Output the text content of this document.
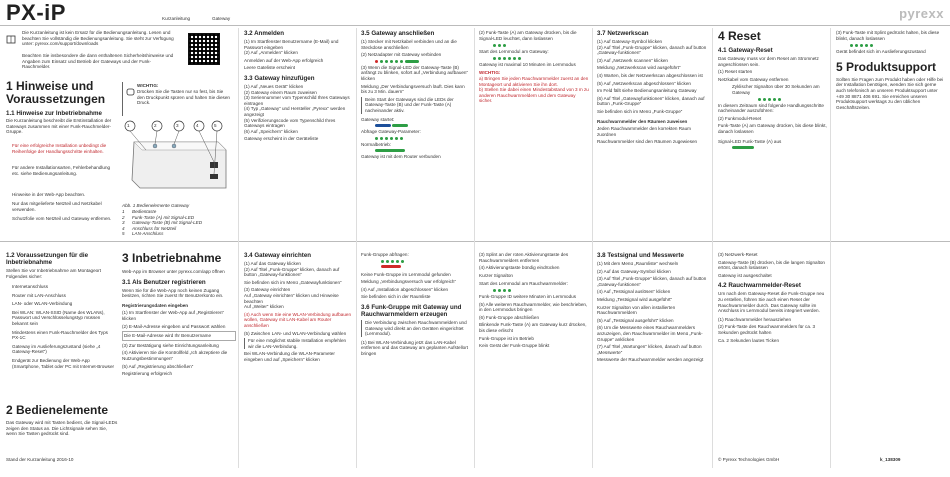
PX-iP	Kurzanleitung	Gateway	pyrexx
Die Kurzanleitung ist kein Ersatz für die Bedienungsanleitung. Lesen und beachten Sie vollständig die Bedienungsanleitung. Sie steht zur Verfügung unter: pyrexx.com/support/downloads
Beachten Sie insbesondere die dann enthaltenen Sicherheitshinweise und Angaben zum Einsatz und Betrieb der Gateways und der Funk-Rauchmelder.
1 Hinweise und Voraussetzungen
1.1 Hinweise zur Inbetriebnahme
Die Kurzanleitung beschreibt die Erstinstallation der Gateways zusammen mit einer Funk-Rauchmelder-Gruppe.
Für eine erfolgreiche Installation unbedingt die Reihenfolge der Handlungsschritte einhalten.
Für andere Installationsarten, Fehlerbehandlung etc. siehe Bedienungsanleitung.
Hinweise in der Web-App beachten.
Nur das mitgelieferte Netzteil und Netzkabel verwenden.
Schutzfolie vom Netzteil und Gateway entfernen.
WICHTIG:
Drücken Sie die Tasten nur so fest, bis Sie den Druckpunkt spüren und halten Sie diesen Druck.
1	2	3	4	5
Abb. 1 Bedienelemente Gateway
1 Bedientaste
2 Funk-Taste (A) mit Signal-LED
3 Gateway-Taste (B) mit Signal-LED
4 Anschluss für Netzteil
5 LAN-Anschluss
1.2 Voraussetzungen für die Inbetriebnahme
Stellen Sie vor Inbetriebnahme am Montageort Folgendes sicher:
Internetanschluss
Router mit LAN-Anschluss
LAN- oder WLAN-Verbindung
Bei WLAN: WLAN-SSID (Name des WLANs), Passwort und Verschlüsselungstyp müssen bekannt sein
Mindestens einen Funk-Rauchmelder des Typs PX-1C
Gateway im Auslieferungszustand (siehe „4 Gateway-Reset“)
Endgerät zur Bedienung der Web-App (Smartphone, Tablet oder PC mit Internet-Browser
2 Bedienelemente
Das Gateway wird mit Tasten bedient, die Signal-LEDs zeigen den Status an. Die Lichtsignale sehen Sie, wenn Sie Tasten gedrückt sind.
Stand der Kurzanleitung 2016-10
3.2 Anmelden
(1) Im Startfenster Benutzername (E-Mail) und Passwort eingeben
(2) Auf „Anmelden“ klicken
Anmelden auf der Web-App erfolgreich
Leere Gateliste erscheint
3.3 Gateway hinzufügen
(1) Auf „Neues Gerät“ klicken
(2) Gateway einem Raum zuweisen
(3) Seriennummer vom Typenschild Ihres Gateways eintragen
(4) Typ „Gateway“ und Hersteller „Pyrexx“ werden angezeigt
(5) Verifizierungscode vom Typenschild Ihres Gateways eintragen
(6) Auf „Speichern“ klicken
Gateway erscheint in der Geräteliste
3 Inbetriebnahme
Web-App im Browser unter pyrexx.com/app öffnen
3.1 Als Benutzer registrieren
Wenn Sie für die Web-App noch keinen Zugang besitzen, richten Sie zuerst Ihr Benutzerkonto ein.
Registrierungsdaten eingeben
(1) Im Startfenster der Web-App auf „Registrieren“ klicken
(2) E-Mail-Adresse eingeben und Passwort wählen
Die E-Mail-Adresse wird Ihr Benutzername
(3) Zur Bestätigung siehe Einrichtungsanleitung
(4) Aktivieren Sie die Kontrollfeld „Ich akzeptiere die Nutzungsbestimmungen“
(5) Auf „Registrierung abschließen“
Registrierung erfolgreich
3.4 Gateway einrichten
(1) Auf das Gateway klicken
(2) Auf Titel „Funk-Gruppe“ klicken, danach auf button „Gateway-funktionen“
Sie befinden sich im Menü „Gatewayfunktionen“
(3) Gateway einrichten
Auf „Gateway einrichten“ klicken und Hinweise beachten
Auf „Weiter“ klicken
(4) Auch wenn Sie eine WLAN-Verbindung aufbauen wollen, Gateway mit LAN-Kabel am Router anschließen
(5) Zwischen LAN- und WLAN-Verbindung wählen
Für eine möglichst stabile Installation empfehlen wir die LAN-Verbindung.
Bei WLAN-Verbindung die WLAN-Parameter eingeben und auf „Speichern“ klicken
3.5 Gateway anschließen
(1) Stecker mit Netzkabel verbinden und an die Steckdose anschließen
(2) Netzadapter mit Gateway verbinden
(3) Wenn die Signal-LED der Gateway-Taste (B) anfängt zu blinken, sofort auf „Verbindung aufbauen“ klicken
Meldung „Der Verbindungsversuch läuft. Dies kann bis zu 3 Min. dauern“
Beim Start der Gateways sind die LEDs der Gateway-Taste (B) und der Funk-Taste (A) nacheinander aktiv.
Gateway startet:
Abfrage Gateway-Parameter:
Normalbetrieb:
Gateway ist mit dem Router verbunden
Funk-Gruppe abfragen:
Keine Funk-Gruppe im Lernmodul gefunden
Meldung „Verbindungsversuch war erfolgreich“
(4) Auf „Installation abgeschlossen“ klicken
Sie befinden sich in der Raumliste
3.6 Funk-Gruppe mit Gateway und Rauchwarnmeldern erzeugen
Die Verbindung zwischen Rauchwarnmeldern und Gateway wird direkt an den Geräten eingerichtet (Lernmodul).
(1) Bei WLAN-Verbindung jetzt das LAN-Kabel entfernen und das Gateway am geplanten Aufstellort bringen
(2) Funk-Taste (A) am Gateway drücken, bis die Signal-LED leuchtet, dann loslassen
Start des Lernmodul am Gateway:
Gateway ist maximal 10 Minuten im Lernmodus
WICHTIG:
a) Bringen Sie jeden Rauchwarnmelder zuerst an den Montageort und aktivieren Sie ihn dort.
b) Stellen Sie dabei einen Mindestabstand von 3 m zu anderen Rauchwarnmeldern und dem Gateway sicher.
(3) Splint an der roten Aktivierungstaste des Rauchwarnmelders entfernen
(4) Aktivierungstaste bündig eindrücken
Kurzer Signalton
Start des Lernmodul am Rauchwarnmelder:
Funk-Gruppe ID weitere Minuten im Lernmodus
(5) Alle weiteren Rauchwarnmelder, wie beschrieben, in den Lernmodus bringen
(6) Funk-Gruppe abschließen
Blinkende Funk-Taste (A) am Gateway kurz drücken, bis diese erlischt
Funk-Gruppe ist im Betrieb
Kein Gerät der Funk-Gruppe blinkt
3.7 Netzwerkscan
(1) Auf Gateway-Symbol klicken
(2) Auf Titel „Funk-Gruppe“ klicken, danach auf button „Gateway-funktionen“
(3) Auf „Netzwerk scannen“ klicken
Meldung „Netzwerkscan wird ausgeführt“
(4) Warten, bis der Netzwerkscan abgeschlossen ist
(5) Auf „Netzwerkscan abgeschlossen“ klicken
Im Feld fällt siehe Bedienungsanleitung Gateway
(6) Auf Titel „Gatewayfunktionen“ klicken, danach auf button „Funk-Gruppe“
Sie befinden sich im Menü „Funk-Gruppe“
Rauchwarnmelder den Räumen zuweisen
Jeden Rauchwarnmelder den korrekten Raum zuordnen
Rauchwarnmelder sind den Räumen zugewiesen
3.8 Testsignal und Messwerte
(1) Mit dem Menü „Raumliste“ wechseln
(2) Auf das Gateway-Symbol klicken
(3) Auf Titel „Funk-Gruppe“ klicken, danach auf button „Gateway-funktionen“
(4) Auf „Testsignal auslösen“ klicken
Meldung „Testsignal wird ausgeführt“
Kurzer Signalton von allen installierten Rauchwarnmeldern
(5) Auf „Testsignal ausgeführt“ klicken
(6) Um die Messwerte eines Rauchwarnmelders anzuzeigen, den Rauchwarnmelder im Menü „Funk-Gruppe“ anklicken
(7) Auf Titel „Wartungen“ klicken, danach auf button „Messwerte“
Messwerte der Rauchwarnmelder werden angezeigt
4 Reset
4.1 Gateway-Reset
Das Gateway muss vor dem Reset am Stromnetz angeschlossen sein.
(1) Reset starten
Netzkabel vom Gateway entfernen
Zyklischer Signalton über 30 Sekunden am Gateway
In diesem Zeitraum sind folgende Handlungsschritte nacheinander auszuführen:
(2) Funkmodul-Reset
Funk-Taste (A) am Gateway drücken, bis diese blinkt, danach loslassen
Signal-LED Funk-Taste (A) aus
(3) Netzwerk-Reset
Gateway-Taste (B) drücken, bis die langen Signalton ertönt, danach loslassen
Gateway ist ausgeschaltet
4.2 Rauchwarnmelder-Reset
Um nach dem Gateway-Reset die Funk-Gruppe neu zu erstellen, führen Sie auch einen Reset der Rauchwarnmelder durch. Das Gateway sollte im Anschluss im Lernmodul bereits integriert werden.
(1) Rauchwarnmelder herausziehen
(2) Funk-Taste des Rauchwarnmelders für ca. 3 Sekunden gedrückt halten
Ca. 2 Sekunden lautes Ticken
© Pyrexx Technologies GmbH
(3) Funk-Taste mit Splint gedrückt halten, bis diese blinkt, danach loslassen
Gerät befindet sich im Auslieferungszustand
5 Produktsupport
Sollten Sie Fragen zum Produkt haben oder Hilfe bei der Installation benötigen, wenden Sie sich gerne auch telefonisch an unseren Produktsupport unter +49 30 8871 406 691. Sie erreichen unseren Produktsupport werktags zu den üblichen Geschäftszeiten.
k_138309
